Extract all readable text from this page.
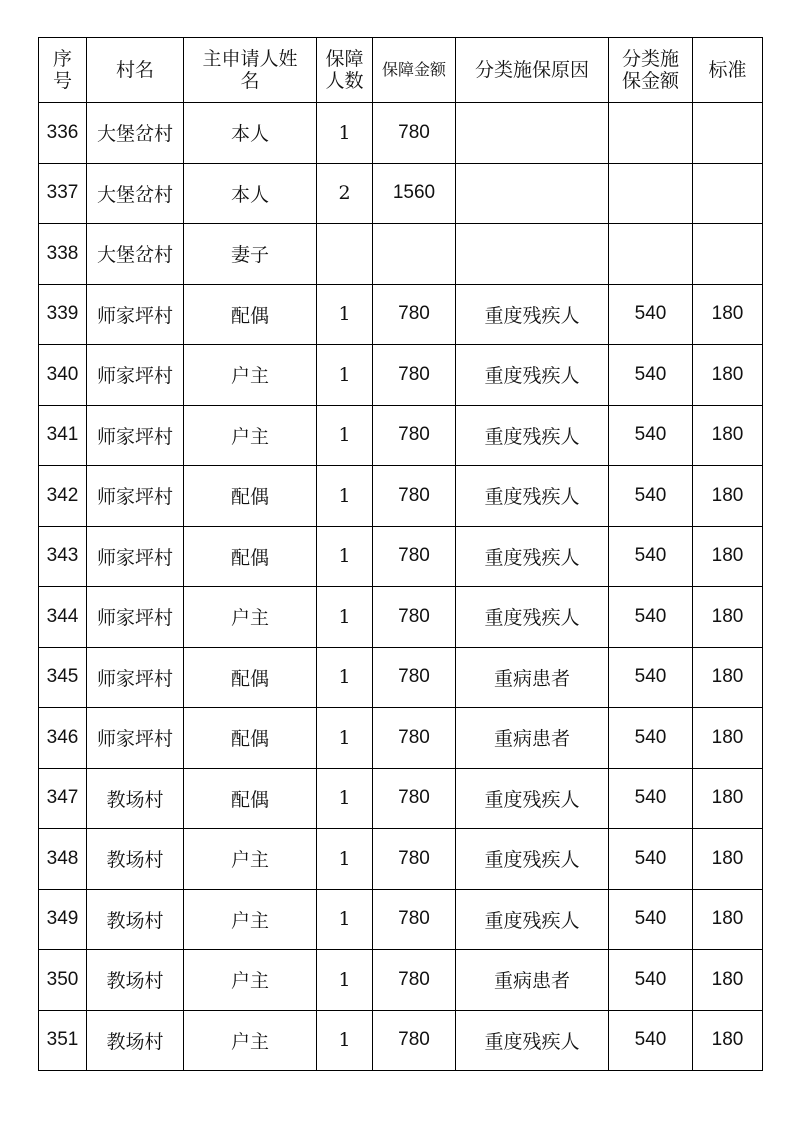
序号	村名	主申请人姓名	保障人数	保障金额	分类施保原因	分类施保金额	标准
336	大堡岔村	本人	1	780			
337	大堡岔村	本人	2	1560			
338	大堡岔村	妻子					
339	师家坪村	配偶	1	780	重度残疾人	540	180
340	师家坪村	户主	1	780	重度残疾人	540	180
341	师家坪村	户主	1	780	重度残疾人	540	180
342	师家坪村	配偶	1	780	重度残疾人	540	180
343	师家坪村	配偶	1	780	重度残疾人	540	180
344	师家坪村	户主	1	780	重度残疾人	540	180
345	师家坪村	配偶	1	780	重病患者	540	180
346	师家坪村	配偶	1	780	重病患者	540	180
347	教场村	配偶	1	780	重度残疾人	540	180
348	教场村	户主	1	780	重度残疾人	540	180
349	教场村	户主	1	780	重度残疾人	540	180
350	教场村	户主	1	780	重病患者	540	180
351	教场村	户主	1	780	重度残疾人	540	180
